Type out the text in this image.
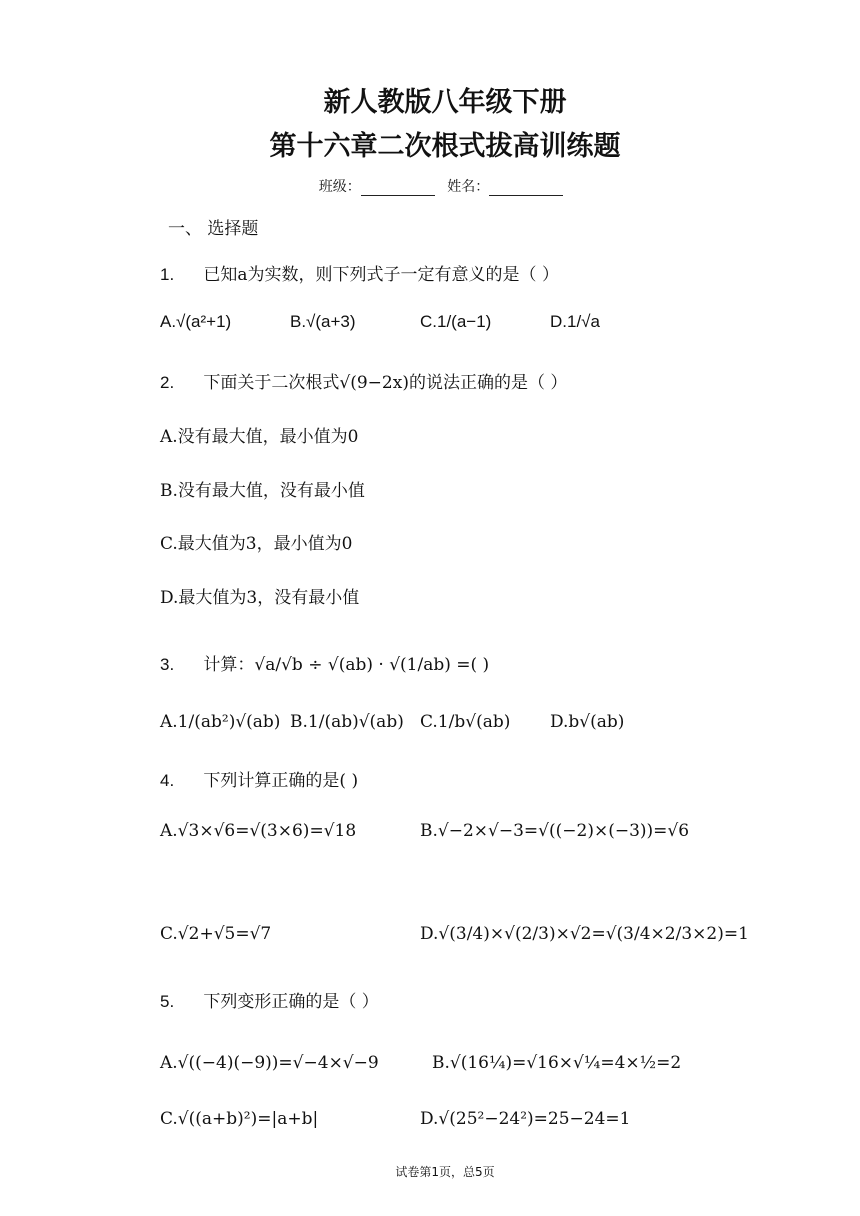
新人教版八年级下册
第十六章二次根式拔高训练题
班级：	姓名：
一、 选择题
1. 已知a为实数，则下列式子一定有意义的是（ ）
A.√(a²+1)	B.√(a+3)	C.1/(a−1)	D.1/√a
2. 下面关于二次根式√(9−2x)的说法正确的是（ ）
A.没有最大值，最小值为0
B.没有最大值，没有最小值
C.最大值为3，最小值为0
D.最大值为3，没有最小值
3. 计算：√a/√b ÷ √(ab) · √(1/ab) =( )
A.1/(ab²)√(ab) B.1/(ab)√(ab) C.1/b√(ab) D.b√(ab)
4. 下列计算正确的是( )
A.√3×√6=√(3×6)=√18	B.√−2×√−3=√((−2)×(−3))=√6
C.√2+√5=√7	D.√(3/4)×√(2/3)×√2=√(3/4×2/3×2)=1
5. 下列变形正确的是（ ）
A.√((−4)(−9))=√−4×√−9	B.√(16¼)=√16×√¼=4×½=2
C.√((a+b)²)=|a+b|	D.√(25²−24²)=25−24=1
试卷第1页，总5页
